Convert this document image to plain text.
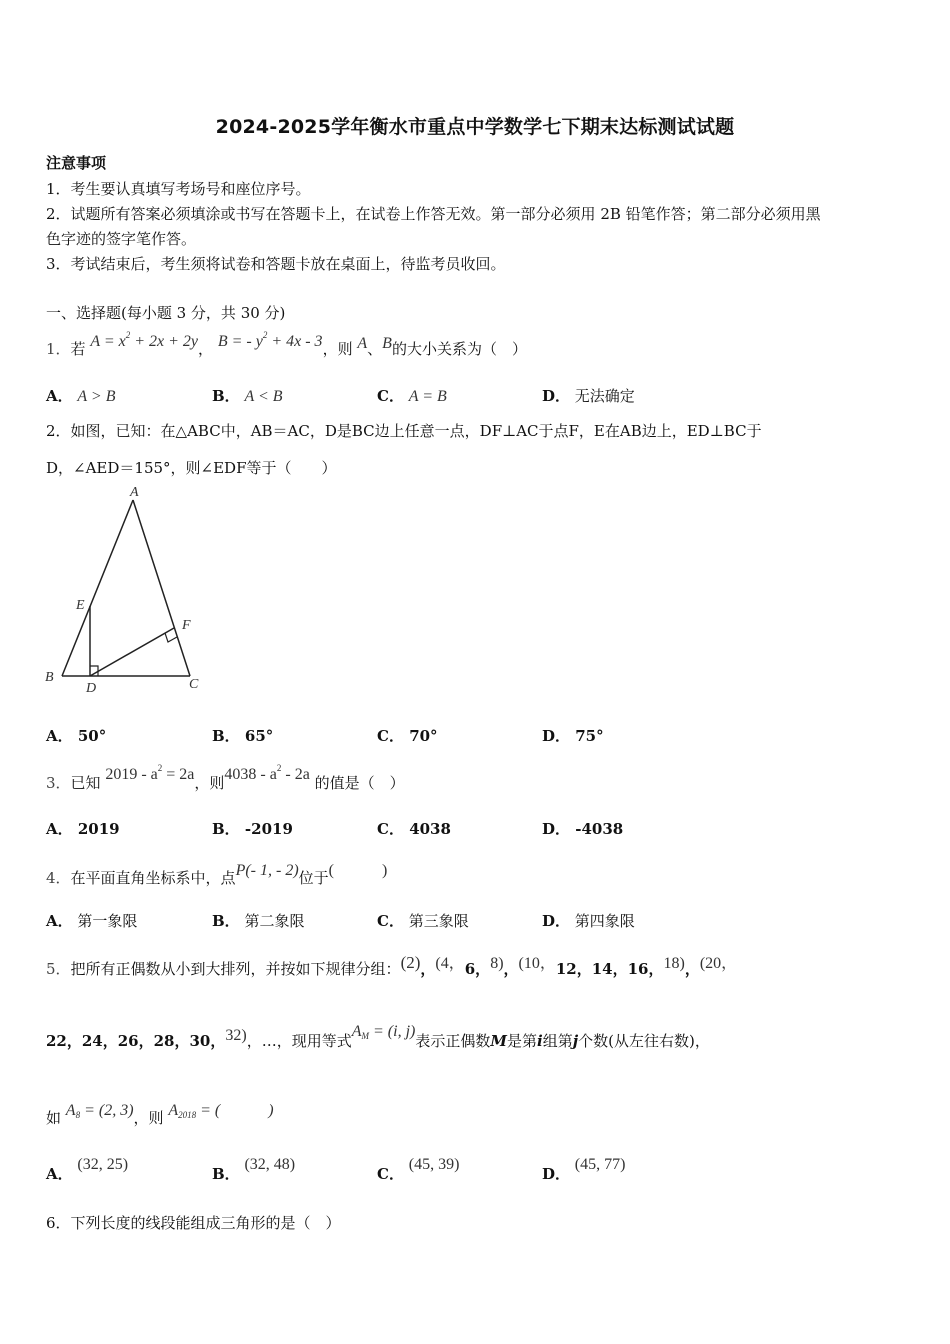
2024-2025学年衡水市重点中学数学七下期末达标测试试题
注意事项
1．考生要认真填写考场号和座位序号。
2．试题所有答案必须填涂或书写在答题卡上，在试卷上作答无效。第一部分必须用 2B 铅笔作答；第二部分必须用黑
色字迹的签字笔作答。
3．考试结束后，考生须将试卷和答题卡放在桌面上，待监考员收回。
一、选择题(每小题 3 分，共 30 分)
1．若 $A = x^2 + 2x + 2y$， B = - $y^2 + 4x - 3$，则 A、B的大小关系为（　）
A． A > B	B． A < B	C． A = B	D． 无法确定
2．如图，已知：在△ABC中，AB＝AC，D是BC边上任意一点，DF⊥AC于点F，E在AB边上，ED⊥BC于
D，∠AED＝155°，则∠EDF等于（　　）
A
E
F
B
D	C
A． 50°	B． 65°	C． 70°	D． 75°
3．已知 $2019 - a^2 = 2a$，则$4038 - a^2 - 2a$ 的值是（　）
A． 2019	B． -2019	C． 4038	D． -4038
4．在平面直角坐标系中，点P(- 1, - 2)位于(　　　)
A． 第一象限	B． 第二象限	C． 第三象限	D． 第四象限
5．把所有正偶数从小到大排列，并按如下规律分组：(2)，(4，6，8)，(10，12，14，16，18)，(20，
22，24，26，28，30，32)，…，现用等式$A_M = (i$, j)表示正偶数M是第i组第j个数(从左往右数)，
如 $A_8 = (2$, 3)，则 $A_{2018}$ = (　　　)
A． (32, 25)
B． (32, 48)
C． (45, 39)
D． (45, 77)
6．下列长度的线段能组成三角形的是（　）
